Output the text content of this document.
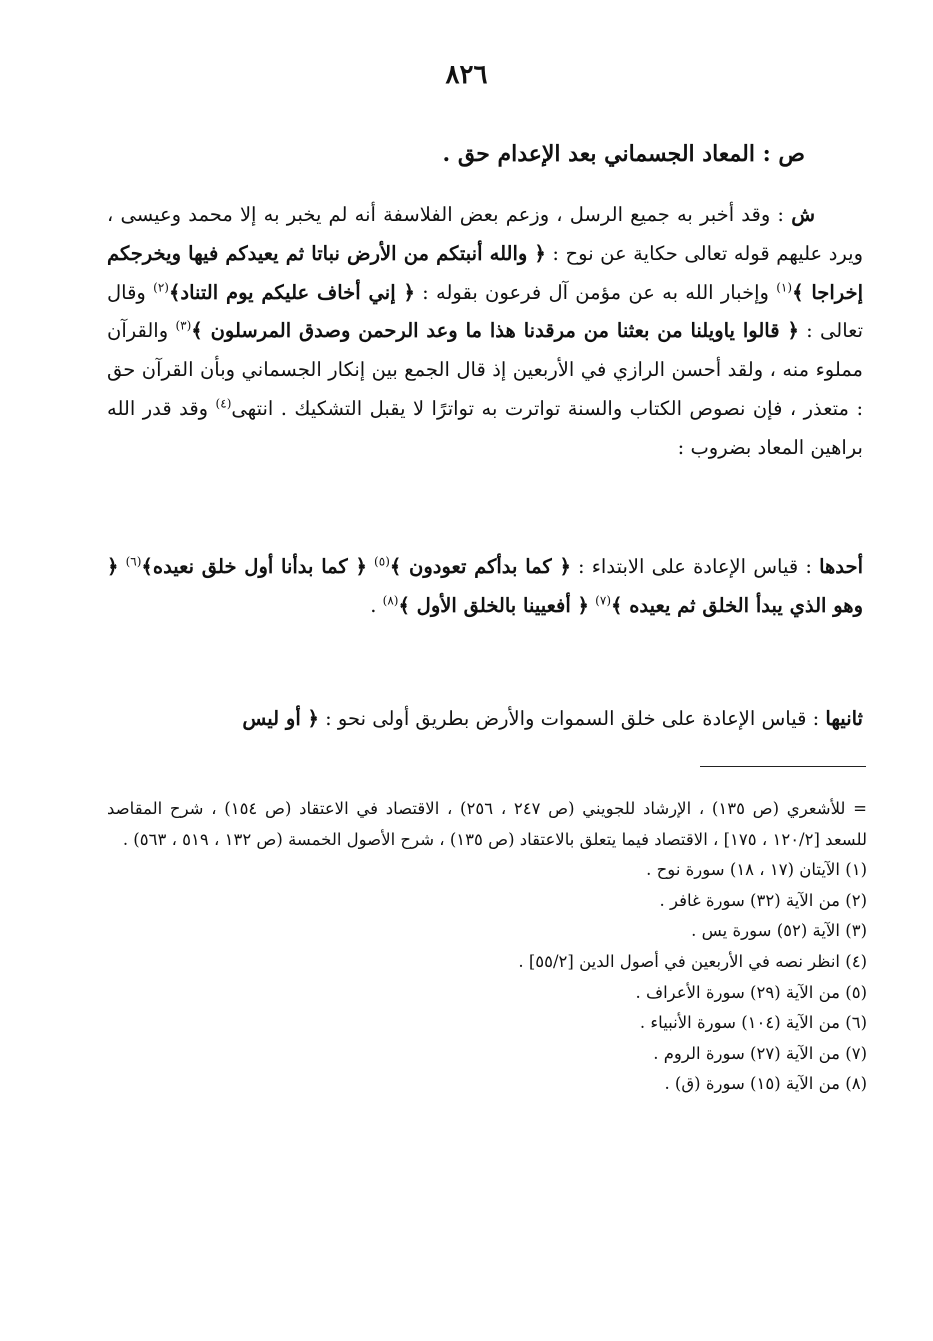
٨٢٦
ص : المعاد الجسماني بعد الإعدام حق .
ش : وقد أخبر به جميع الرسل ، وزعم بعض الفلاسفة أنه لم يخبر به إلا محمد وعيسى ، ويرد عليهم قوله تعالى حكاية عن نوح : ﴿ والله أنبتكم من الأرض نباتا ثم يعيدكم فيها ويخرجكم إخراجا ﴾$^{(١)}$ وإخبار الله به عن مؤمن آل فرعون بقوله : ﴿ إني أخاف عليكم يوم التناد﴾$^{(٢)}$ وقال تعالى : ﴿ قالوا ياويلنا من بعثنا من مرقدنا هذا ما وعد الرحمن وصدق المرسلون ﴾$^{(٣)}$ والقرآن مملوء منه ، ولقد أحسن الرازي في الأربعين إذ قال الجمع بين إنكار الجسماني وبأن القرآن حق : متعذر ، فإن نصوص الكتاب والسنة تواترت به تواترًا لا يقبل التشكيك . انتهى$^{(٤)}$ وقد قدر الله براهين المعاد بضروب :
أحدها : قياس الإعادة على الابتداء : ﴿ كما بدأكم تعودون ﴾$^{(٥)}$ ﴿ كما بدأنا أول خلق نعيده﴾$^{(٦)}$ ﴿ وهو الذي يبدأ الخلق ثم يعيده ﴾$^{(٧)}$ ﴿ أفعيينا بالخلق الأول ﴾$^{(٨)}$ .
ثانيها : قياس الإعادة على خلق السموات والأرض بطريق أولى نحو : ﴿ أو ليس
= للأشعري (ص ١٣٥) ، الإرشاد للجويني (ص ٢٤٧ ، ٢٥٦) ، الاقتصاد في الاعتقاد (ص ١٥٤) ، شرح المقاصد للسعد [١٢٠/٢ ، ١٧٥] ، الاقتصاد فيما يتعلق بالاعتقاد (ص ١٣٥) ، شرح الأصول الخمسة (ص ١٣٢ ، ٥١٩ ، ٥٦٣) .
(١) الآيتان (١٧ ، ١٨) سورة نوح .
(٢) من الآية (٣٢) سورة غافر .
(٣) الآية (٥٢) سورة يس .
(٤) انظر نصه في الأربعين في أصول الدين [٥٥/٢] .
(٥) من الآية (٢٩) سورة الأعراف .
(٦) من الآية (١٠٤) سورة الأنبياء .
(٧) من الآية (٢٧) سورة الروم .
(٨) من الآية (١٥) سورة (ق) .
